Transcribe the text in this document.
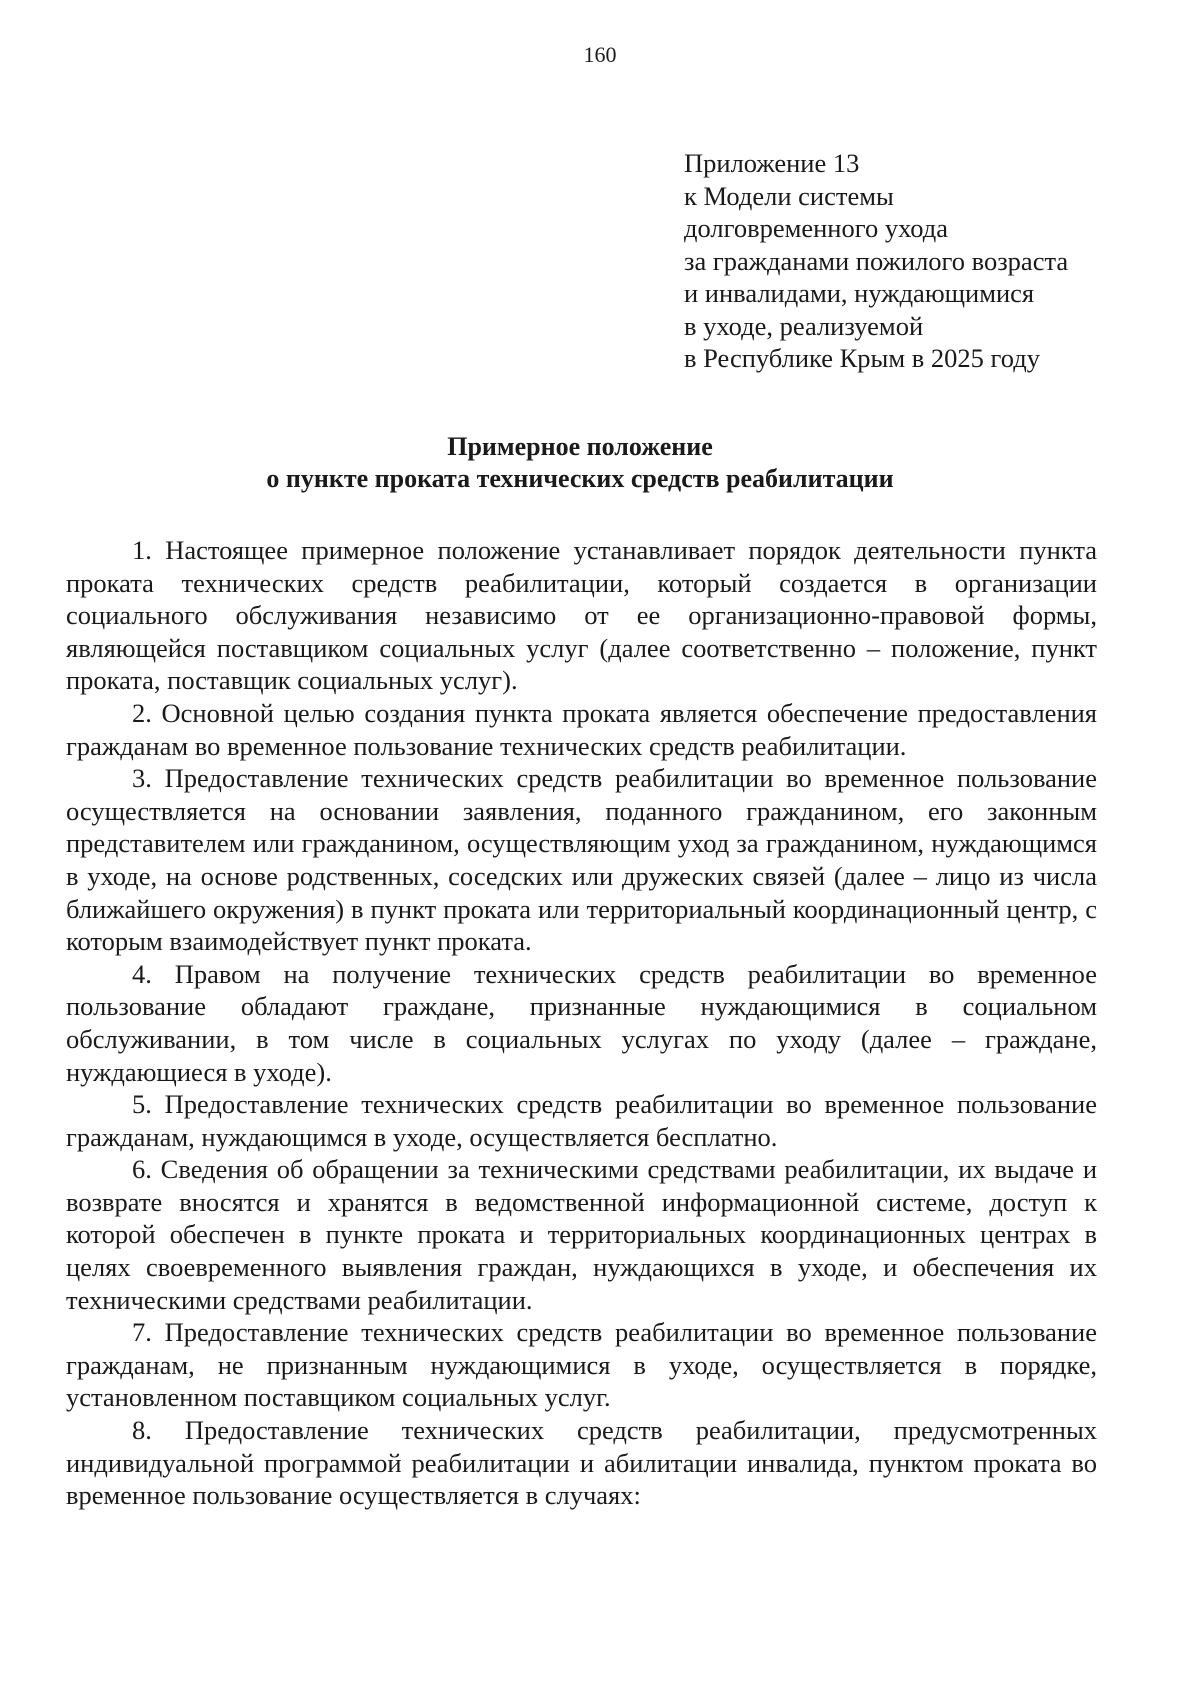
160
Приложение 13
к Модели системы
долговременного ухода
за гражданами пожилого возраста
и инвалидами, нуждающимися
в уходе, реализуемой
в Республике Крым в 2025 году
Примерное положение
о пункте проката технических средств реабилитации

1. Настоящее примерное положение устанавливает порядок деятельности пункта проката технических средств реабилитации, который создается в организации социального обслуживания независимо от ее организационно-правовой формы, являющейся поставщиком социальных услуг (далее соответственно – положение, пункт проката, поставщик социальных услуг).

2. Основной целью создания пункта проката является обеспечение предоставления гражданам во временное пользование технических средств реабилитации.

3. Предоставление технических средств реабилитации во временное пользование осуществляется на основании заявления, поданного гражданином, его законным представителем или гражданином, осуществляющим уход за гражданином, нуждающимся в уходе, на основе родственных, соседских или дружеских связей (далее – лицо из числа ближайшего окружения) в пункт проката или территориальный координационный центр, с которым взаимодействует пункт проката.

4. Правом на получение технических средств реабилитации во временное пользование обладают граждане, признанные нуждающимися в социальном обслуживании, в том числе в социальных услугах по уходу (далее – граждане, нуждающиеся в уходе).

5. Предоставление технических средств реабилитации во временное пользование гражданам, нуждающимся в уходе, осуществляется бесплатно.

6. Сведения об обращении за техническими средствами реабилитации, их выдаче и возврате вносятся и хранятся в ведомственной информационной системе, доступ к которой обеспечен в пункте проката и территориальных координационных центрах в целях своевременного выявления граждан, нуждающихся в уходе, и обеспечения их техническими средствами реабилитации.

7. Предоставление технических средств реабилитации во временное пользование гражданам, не признанным нуждающимися в уходе, осуществляется в порядке, установленном поставщиком социальных услуг.

8. Предоставление технических средств реабилитации, предусмотренных индивидуальной программой реабилитации и абилитации инвалида, пунктом проката во временное пользование осуществляется в случаях:
